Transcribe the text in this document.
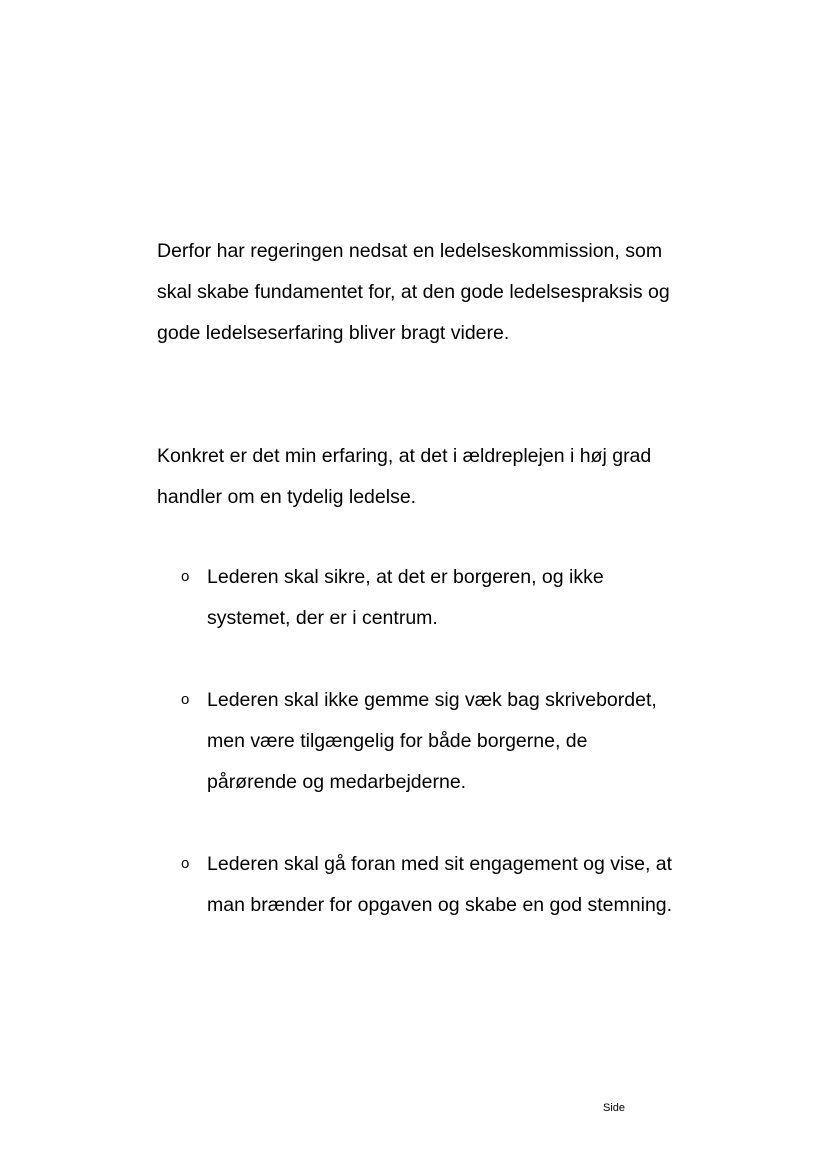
Derfor har regeringen nedsat en ledelseskommission, som skal skabe fundamentet for, at den gode ledelsespraksis og gode ledelseserfaring bliver bragt videre.

Konkret er det min erfaring, at det i ældreplejen i høj grad handler om en tydelig ledelse.

o Lederen skal sikre, at det er borgeren, og ikke systemet, der er i centrum.
o Lederen skal ikke gemme sig væk bag skrivebordet, men være tilgængelig for både borgerne, de pårørende og medarbejderne.
o Lederen skal gå foran med sit engagement og vise, at man brænder for opgaven og skabe en god stemning.
Side
